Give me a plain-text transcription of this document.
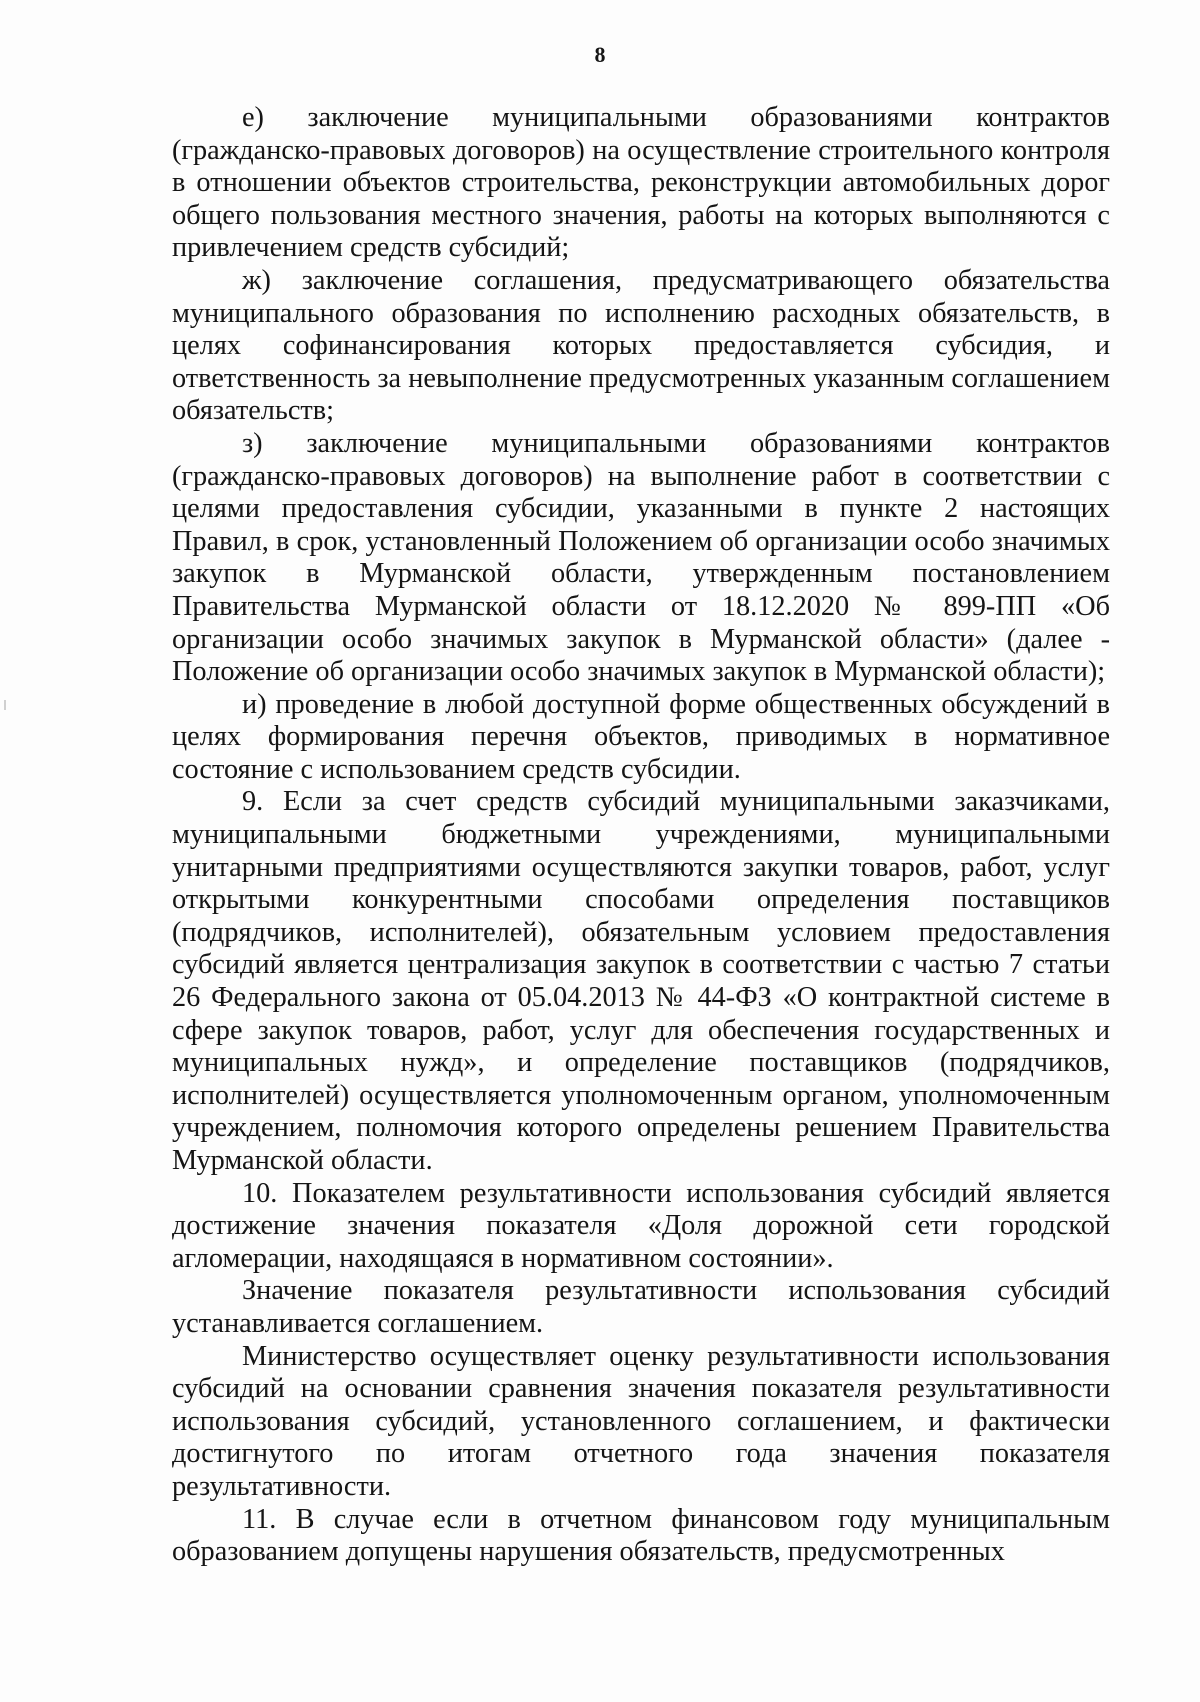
8

е) заключение муниципальными образованиями контрактов (гражданско-правовых договоров) на осуществление строительного контроля в отношении объектов строительства, реконструкции автомобильных дорог общего пользования местного значения, работы на которых выполняются с привлечением средств субсидий;

ж) заключение соглашения, предусматривающего обязательства муниципального образования по исполнению расходных обязательств, в целях софинансирования которых предоставляется субсидия, и ответственность за невыполнение предусмотренных указанным соглашением обязательств;

з) заключение муниципальными образованиями контрактов (гражданско-правовых договоров) на выполнение работ в соответствии с целями предоставления субсидии, указанными в пункте 2 настоящих Правил, в срок, установленный Положением об организации особо значимых закупок в Мурманской области, утвержденным постановлением Правительства Мурманской области от 18.12.2020 № 899-ПП «Об организации особо значимых закупок в Мурманской области» (далее - Положение об организации особо значимых закупок в Мурманской области);

и) проведение в любой доступной форме общественных обсуждений в целях формирования перечня объектов, приводимых в нормативное состояние с использованием средств субсидии.

9. Если за счет средств субсидий муниципальными заказчиками, муниципальными бюджетными учреждениями, муниципальными унитарными предприятиями осуществляются закупки товаров, работ, услуг открытыми конкурентными способами определения поставщиков (подрядчиков, исполнителей), обязательным условием предоставления субсидий является централизация закупок в соответствии с частью 7 статьи 26 Федерального закона от 05.04.2013 № 44-ФЗ «О контрактной системе в сфере закупок товаров, работ, услуг для обеспечения государственных и муниципальных нужд», и определение поставщиков (подрядчиков, исполнителей) осуществляется уполномоченным органом, уполномоченным учреждением, полномочия которого определены решением Правительства Мурманской области.

10. Показателем результативности использования субсидий является достижение значения показателя «Доля дорожной сети городской агломерации, находящаяся в нормативном состоянии».

Значение показателя результативности использования субсидий устанавливается соглашением.

Министерство осуществляет оценку результативности использования субсидий на основании сравнения значения показателя результативности использования субсидий, установленного соглашением, и фактически достигнутого по итогам отчетного года значения показателя результативности.

11. В случае если в отчетном финансовом году муниципальным образованием допущены нарушения обязательств, предусмотренных
